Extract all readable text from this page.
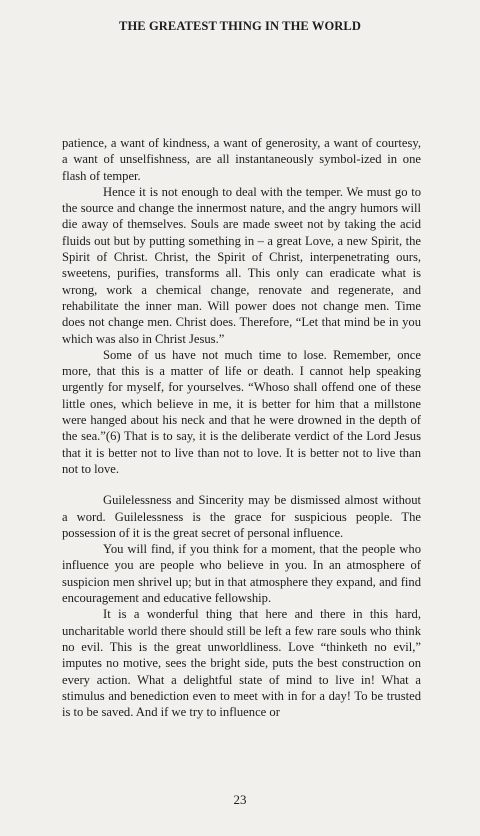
THE GREATEST THING IN THE WORLD

patience, a want of kindness, a want of generosity, a want of courtesy, a want of unselfishness, are all instantaneously symbol-ized in one flash of temper.

Hence it is not enough to deal with the temper. We must go to the source and change the innermost nature, and the angry humors will die away of themselves. Souls are made sweet not by taking the acid fluids out but by putting something in – a great Love, a new Spirit, the Spirit of Christ. Christ, the Spirit of Christ, interpenetrating ours, sweetens, purifies, transforms all. This only can eradicate what is wrong, work a chemical change, renovate and regenerate, and rehabilitate the inner man. Will power does not change men. Time does not change men. Christ does. Therefore, “Let that mind be in you which was also in Christ Jesus.”

Some of us have not much time to lose. Remember, once more, that this is a matter of life or death. I cannot help speaking urgently for myself, for yourselves. “Whoso shall offend one of these little ones, which believe in me, it is better for him that a millstone were hanged about his neck and that he were drowned in the depth of the sea.”(6) That is to say, it is the deliberate verdict of the Lord Jesus that it is better not to live than not to love. It is better not to live than not to love.

Guilelessness and Sincerity may be dismissed almost without a word. Guilelessness is the grace for suspicious people. The possession of it is the great secret of personal influence.

You will find, if you think for a moment, that the people who influence you are people who believe in you. In an atmosphere of suspicion men shrivel up; but in that atmosphere they expand, and find encouragement and educative fellowship.

It is a wonderful thing that here and there in this hard, uncharitable world there should still be left a few rare souls who think no evil. This is the great unworldliness. Love “thinketh no evil,” imputes no motive, sees the bright side, puts the best construction on every action. What a delightful state of mind to live in! What a stimulus and benediction even to meet with in for a day! To be trusted is to be saved. And if we try to influence or

23
